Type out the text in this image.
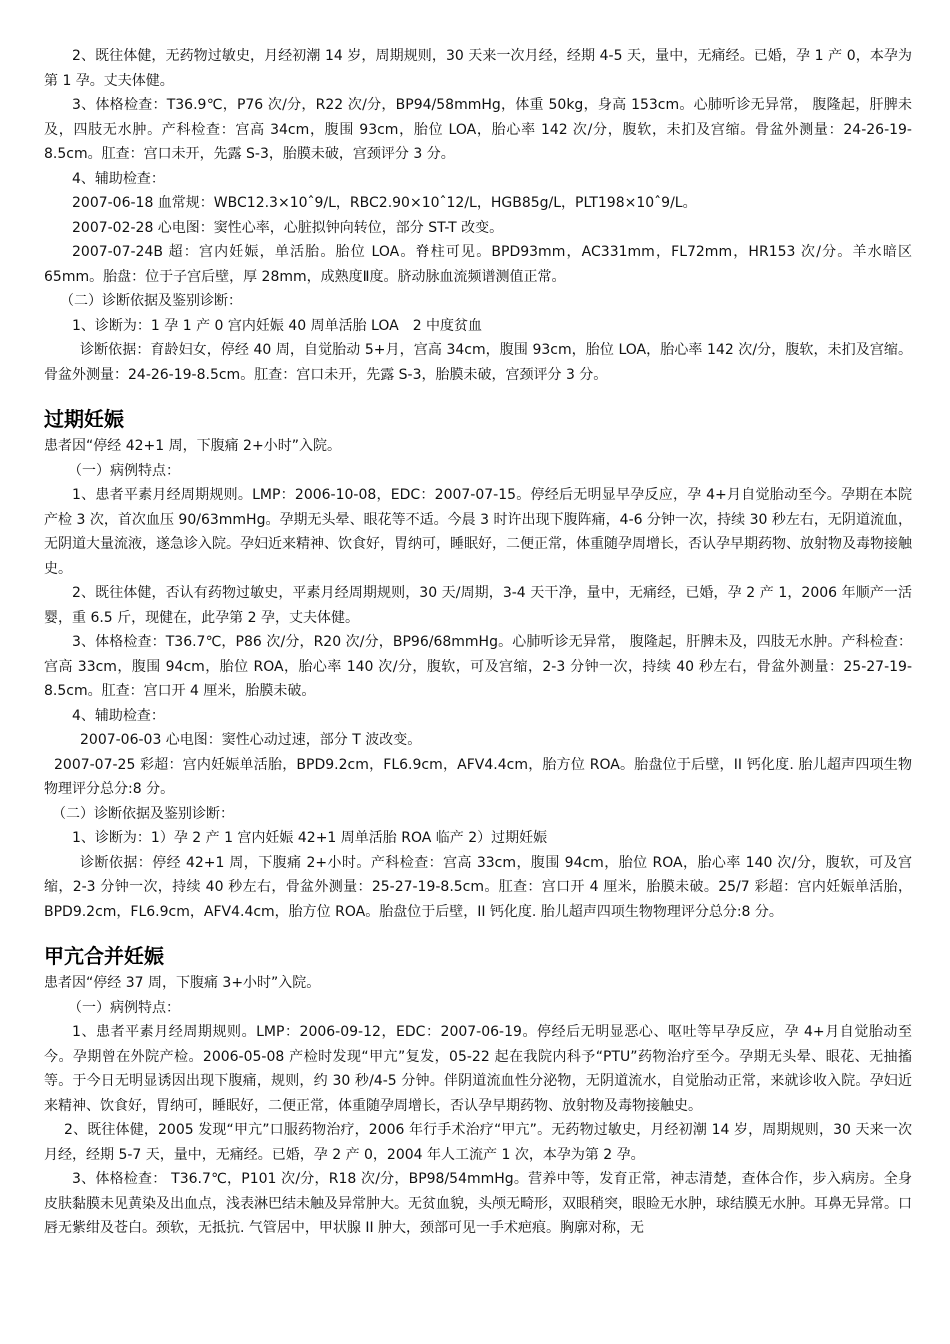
2、既往体健，无药物过敏史，月经初潮 14 岁，周期规则，30 天来一次月经，经期 4-5 天，量中，无痛经。已婚，孕 1 产 0，本孕为第 1 孕。丈夫体健。

3、体格检查：T36.9℃，P76 次/分，R22 次/分，BP94/58mmHg，体重 50kg，身高 153cm。心肺听诊无异常， 腹隆起，肝脾未及，四肢无水肿。产科检查：宫高 34cm，腹围 93cm，胎位 LOA，胎心率 142 次/分，腹软，未扪及宫缩。骨盆外测量：24-26-19-8.5cm。肛查：宫口未开，先露 S-3，胎膜未破，宫颈评分 3 分。

4、辅助检查：

2007-06-18 血常规：WBC12.3×10ˆ9/L，RBC2.90×10ˆ12/L，HGB85g/L，PLT198×10ˆ9/L。

2007-02-28 心电图：窦性心率，心脏拟钟向转位，部分 ST-T 改变。

2007-07-24B 超：宫内妊娠，单活胎。胎位 LOA。脊柱可见。BPD93mm，AC331mm，FL72mm，HR153 次/分。羊水暗区 65mm。胎盘：位于子宫后壁，厚 28mm，成熟度Ⅱ度。脐动脉血流频谱测值正常。

（二）诊断依据及鉴别诊断：

1、诊断为：1 孕 1 产 0 宫内妊娠 40 周单活胎 LOA　2 中度贫血

诊断依据：育龄妇女，停经 40 周，自觉胎动 5+月，宫高 34cm，腹围 93cm，胎位 LOA，胎心率 142 次/分，腹软，未扪及宫缩。骨盆外测量：24-26-19-8.5cm。肛查：宫口未开，先露 S-3，胎膜未破，宫颈评分 3 分。

过期妊娠

患者因“停经 42+1 周，下腹痛 2+小时”入院。

（一）病例特点：

1、患者平素月经周期规则。LMP：2006-10-08，EDC：2007-07-15。停经后无明显早孕反应，孕 4+月自觉胎动至今。孕期在本院产检 3 次，首次血压 90/63mmHg。孕期无头晕、眼花等不适。今晨 3 时许出现下腹阵痛，4-6 分钟一次，持续 30 秒左右，无阴道流血，无阴道大量流液，遂急诊入院。孕妇近来精神、饮食好，胃纳可，睡眠好，二便正常，体重随孕周增长，否认孕早期药物、放射物及毒物接触史。

2、既往体健，否认有药物过敏史，平素月经周期规则，30 天/周期，3-4 天干净，量中，无痛经，已婚，孕 2 产 1，2006 年顺产一活婴，重 6.5 斤，现健在，此孕第 2 孕，丈夫体健。

3、体格检查：T36.7℃，P86 次/分，R20 次/分，BP96/68mmHg。心肺听诊无异常， 腹隆起，肝脾未及，四肢无水肿。产科检查：宫高 33cm，腹围 94cm，胎位 ROA，胎心率 140 次/分，腹软，可及宫缩，2-3 分钟一次，持续 40 秒左右，骨盆外测量：25-27-19-8.5cm。肛查：宫口开 4 厘米，胎膜未破。

4、辅助检查：

2007-06-03 心电图：窦性心动过速，部分 T 波改变。

2007-07-25 彩超：宫内妊娠单活胎，BPD9.2cm，FL6.9cm，AFV4.4cm，胎方位 ROA。胎盘位于后壁，II 钙化度. 胎儿超声四项生物物理评分总分:8 分。

（二）诊断依据及鉴别诊断：

1、诊断为：1）孕 2 产 1 宫内妊娠 42+1 周单活胎 ROA 临产 2）过期妊娠

诊断依据：停经 42+1 周，下腹痛 2+小时。产科检查：宫高 33cm，腹围 94cm，胎位 ROA，胎心率 140 次/分，腹软，可及宫缩，2-3 分钟一次，持续 40 秒左右，骨盆外测量：25-27-19-8.5cm。肛查：宫口开 4 厘米，胎膜未破。25/7 彩超：宫内妊娠单活胎，BPD9.2cm，FL6.9cm，AFV4.4cm，胎方位 ROA。胎盘位于后壁，II 钙化度. 胎儿超声四项生物物理评分总分:8 分。

甲亢合并妊娠

患者因“停经 37 周，下腹痛 3+小时”入院。

（一）病例特点：

1、患者平素月经周期规则。LMP：2006-09-12，EDC：2007-06-19。停经后无明显恶心、呕吐等早孕反应，孕 4+月自觉胎动至今。孕期曾在外院产检。2006-05-08 产检时发现“甲亢”复发，05-22 起在我院内科予“PTU”药物治疗至今。孕期无头晕、眼花、无抽搐等。于今日无明显诱因出现下腹痛，规则，约 30 秒/4-5 分钟。伴阴道流血性分泌物，无阴道流水，自觉胎动正常，来就诊收入院。孕妇近来精神、饮食好，胃纳可，睡眠好，二便正常，体重随孕周增长，否认孕早期药物、放射物及毒物接触史。

2、既往体健，2005 发现“甲亢”口服药物治疗，2006 年行手术治疗“甲亢”。无药物过敏史，月经初潮 14 岁，周期规则，30 天来一次月经，经期 5-7 天，量中，无痛经。已婚，孕 2 产 0，2004 年人工流产 1 次，本孕为第 2 孕。

3、体格检查： T36.7℃，P101 次/分，R18 次/分，BP98/54mmHg。营养中等，发育正常，神志清楚，查体合作，步入病房。全身皮肤黏膜未见黄染及出血点，浅表淋巴结未触及异常肿大。无贫血貌，头颅无畸形，双眼稍突，眼睑无水肿，球结膜无水肿。耳鼻无异常。口唇无紫绀及苍白。颈软，无抵抗. 气管居中，甲状腺 II 肿大，颈部可见一手术疤痕。胸廓对称，无
